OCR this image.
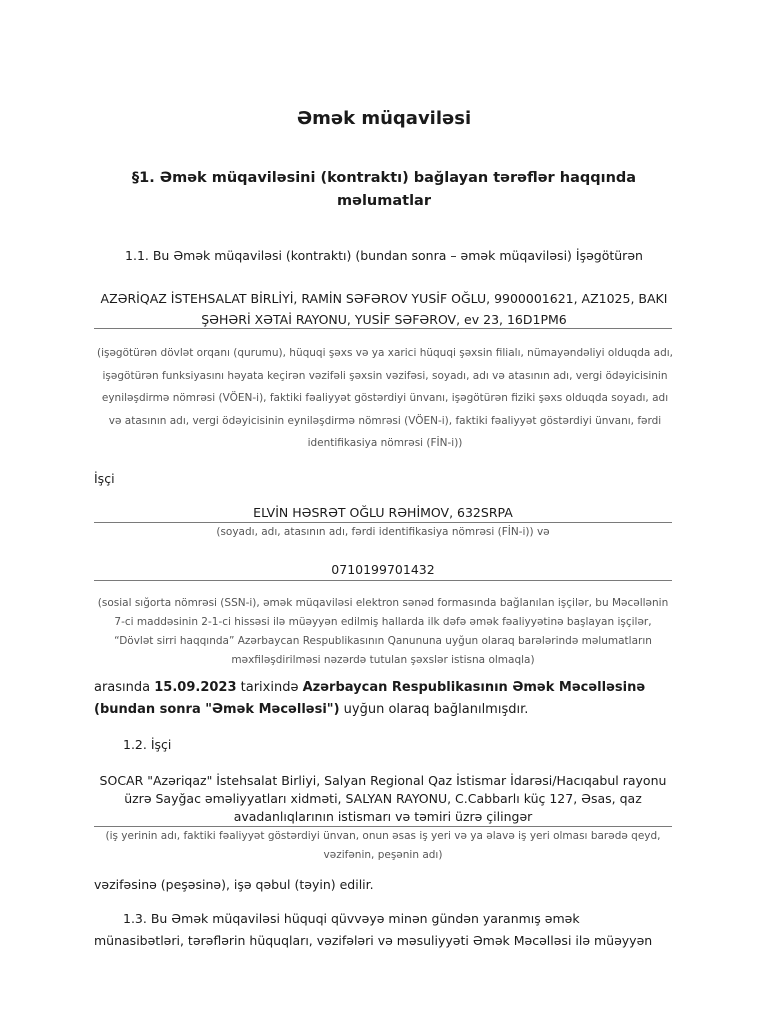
Əmək müqaviləsi
§1. Əmək müqaviləsini (kontraktı) bağlayan tərəflər haqqında məlumatlar
1.1. Bu Əmək müqaviləsi (kontraktı) (bundan sonra – əmək müqaviləsi) İşəgötürən
AZƏRİQAZ İSTEHSALAT BİRLİYİ, RAMİN SƏFƏROV YUSİF OĞLU, 9900001621, AZ1025, BAKI ŞƏHƏRİ XƏTAİ RAYONU, YUSİF SƏFƏROV, ev 23, 16D1PM6
(işəgötürən dövlət orqanı (qurumu), hüquqi şəxs və ya xarici hüquqi şəxsin filialı, nümayəndəliyi olduqda adı, işəgötürən funksiyasını həyata keçirən vəzifəli şəxsin vəzifəsi, soyadı, adı və atasının adı, vergi ödəyicisinin eyniləşdirmə nömrəsi (VÖEN-i), faktiki fəaliyyət göstərdiyi ünvanı, işəgötürən fiziki şəxs olduqda soyadı, adı və atasının adı, vergi ödəyicisinin eyniləşdirmə nömrəsi (VÖEN-i), faktiki fəaliyyət göstərdiyi ünvanı, fərdi identifikasiya nömrəsi (FİN-i))
İşçi
ELVİN HƏSRƏT OĞLU RƏHİMOV, 632SRPA
(soyadı, adı, atasının adı, fərdi identifikasiya nömrəsi (FİN-i)) və
0710199701432
(sosial sığorta nömrəsi (SSN-i), əmək müqaviləsi elektron sənəd formasında bağlanılan işçilər, bu Məcəllənin 7-ci maddəsinin 2-1-ci hissəsi ilə müəyyən edilmiş hallarda ilk dəfə əmək fəaliyyətinə başlayan işçilər, “Dövlət sirri haqqında” Azərbaycan Respublikasının Qanununa uyğun olaraq barələrində məlumatların məxfiləşdirilməsi nəzərdə tutulan şəxslər istisna olmaqla)
arasında 15.09.2023 tarixində Azərbaycan Respublikasının Əmək Məcəlləsinə (bundan sonra "Əmək Məcəlləsi") uyğun olaraq bağlanılmışdır.
1.2. İşçi
SOCAR "Azəriqaz" İstehsalat Birliyi, Salyan Regional Qaz İstismar İdarəsi/Hacıqabul rayonu üzrə Sayğac əməliyyatları xidməti, SALYAN RAYONU, C.Cabbarlı küç 127, Əsas, qaz avadanlıqlarının istismarı və təmiri üzrə çilingər
(iş yerinin adı, faktiki fəaliyyət göstərdiyi ünvan, onun əsas iş yeri və ya əlavə iş yeri olması barədə qeyd, vəzifənin, peşənin adı)
vəzifəsinə (peşəsinə), işə qəbul (təyin) edilir.
1.3. Bu Əmək müqaviləsi hüquqi qüvvəyə minən gündən yaranmış əmək
münasibətləri, tərəflərin hüquqları, vəzifələri və məsuliyyəti Əmək Məcəlləsi ilə müəyyən
